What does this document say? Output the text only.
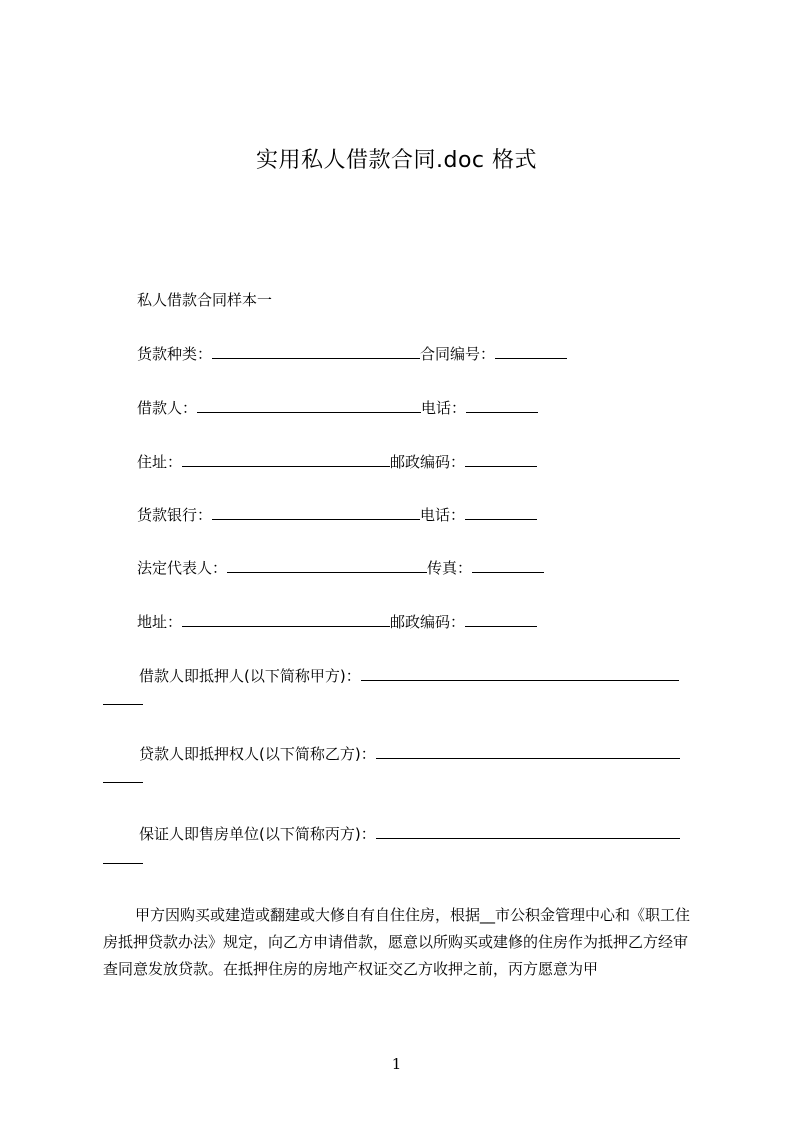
实用私人借款合同.doc 格式
私人借款合同样本一
货款种类：	合同编号：
借款人：	电话：
住址：	邮政编码：
货款银行：	电话：
法定代表人：	传真：
地址：	邮政编码：
借款人即抵押人(以下简称甲方)：
贷款人即抵押权人(以下简称乙方)：
保证人即售房单位(以下简称丙方)：
甲方因购买或建造或翻建或大修自有自住住房，根据__市公积金管理中心和《职工住房抵押贷款办法》规定，向乙方申请借款，愿意以所购买或建修的住房作为抵押乙方经审查同意发放贷款。在抵押住房的房地产权证交乙方收押之前，丙方愿意为甲
1
